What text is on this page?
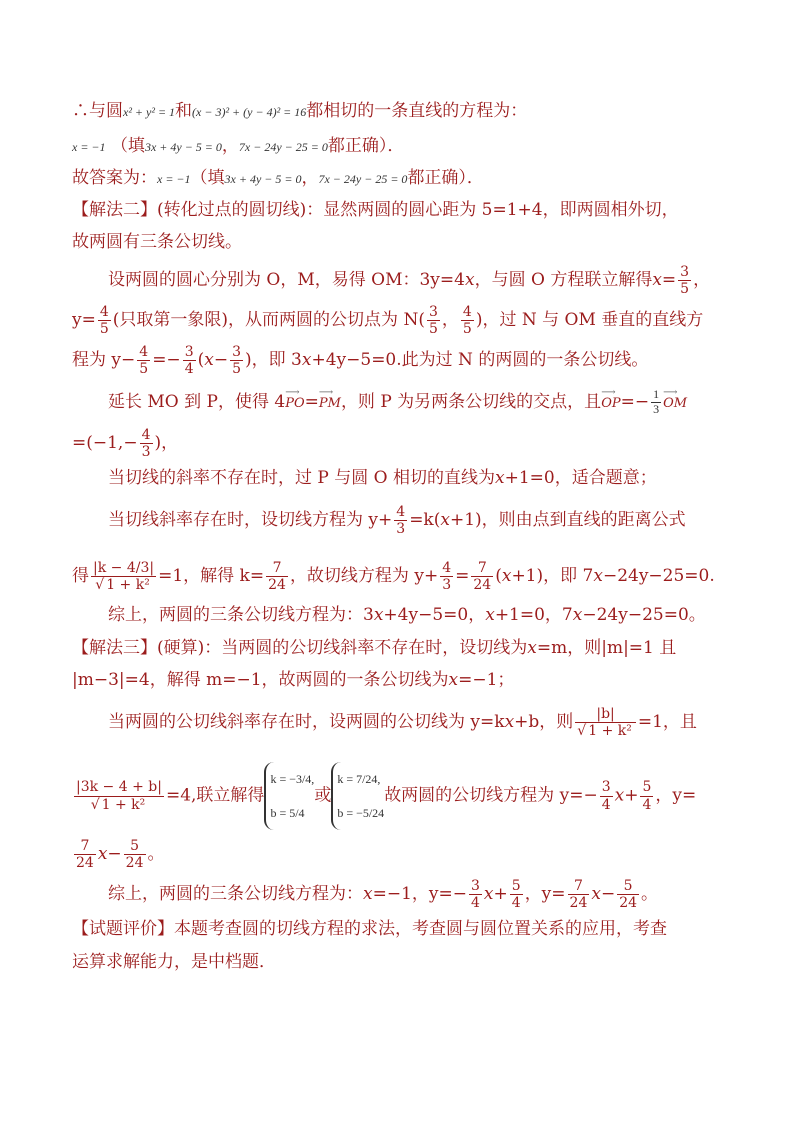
∴与圆x² + y² = 1和(x − 3)² + (y − 4)² = 16都相切的一条直线的方程为：
x = −1 （填3x + 4y − 5 = 0，7x − 24y − 25 = 0都正确）．
故答案为：x = −1（填3x + 4y − 5 = 0，7x − 24y − 25 = 0都正确）．
【解法二】(转化过点的圆切线)：显然两圆的圆心距为 5=1+4，即两圆相外切，
故两圆有三条公切线。
设两圆的圆心分别为 O，M，易得 OM：3y=4x，与圆 O 方程联立解得$x= \frac{3}{5}$ ，
$y= \frac{4}{5}$ (只取第一象限)，从而两圆的公切点为 $N( \frac{3}{5}$ ， $\frac{4}{5}$ )，过 N 与 OM 垂直的直线方
程为 $y- \frac{4}{5} =- \frac{3}{4} (x- \frac{3}{5}$ )，即 3x+4y−5=0.此为过 N 的两圆的一条公切线。
延长 MO 到 P，使得 4⟶ PO=⟶ PM，则 P 为另两条公切线的交点，且⟶ $OP=- \frac{1}{3}$
⟶ OM
$=(-1,- \frac{4}{3}$ )，
当切线的斜率不存在时，过 P 与圆 O 相切的直线为x+1=0，适合题意；
当切线斜率存在时，设切线方程为 $y+ \frac{4}{3} =k(x+1)$，则由点到直线的距离公式
得 $\frac{|k - 4/3|}{\text{√ 1 + k²}} =1$，解得 $k= \frac{7}{24}$ ，故切线方程为 $y+ \frac{4}{3} = \frac{7}{24} (x+1)$，即 7x−24y−25=0.
综上，两圆的三条公切线方程为：3x+4y−5=0，x+1=0，7x−24y−25=0。
【解法三】(硬算)：当两圆的公切线斜率不存在时，设切线为x=m，则|m|=1 且
|m−3|=4，解得 m=−1，故两圆的一条公切线为x=−1；
当两圆的公切线斜率存在时，设两圆的公切线为 y=kx+b，则 $\frac{|b|}{\text{√ 1 + k²}} =1$，且
$\frac{|3k - 4 + b|}{\text{√ 1 + k²}} =4$,联立解得
k = −3/4,
b = 5/4
或
k = 7/24,
b = −5/24
故两圆的公切线方程为 $y=- \frac{3}{4} x+ \frac{5}{4}$ ，y=
$\frac{7}{24} x- \frac{5}{24}$ 。
综上，两圆的三条公切线方程为：x=−1，$y=- \frac{3}{4} x+ \frac{5}{4}$ ，$y= \frac{7}{24} x- \frac{5}{24}$ 。
【试题评价】本题考查圆的切线方程的求法，考查圆与圆位置关系的应用，考查
运算求解能力，是中档题．
